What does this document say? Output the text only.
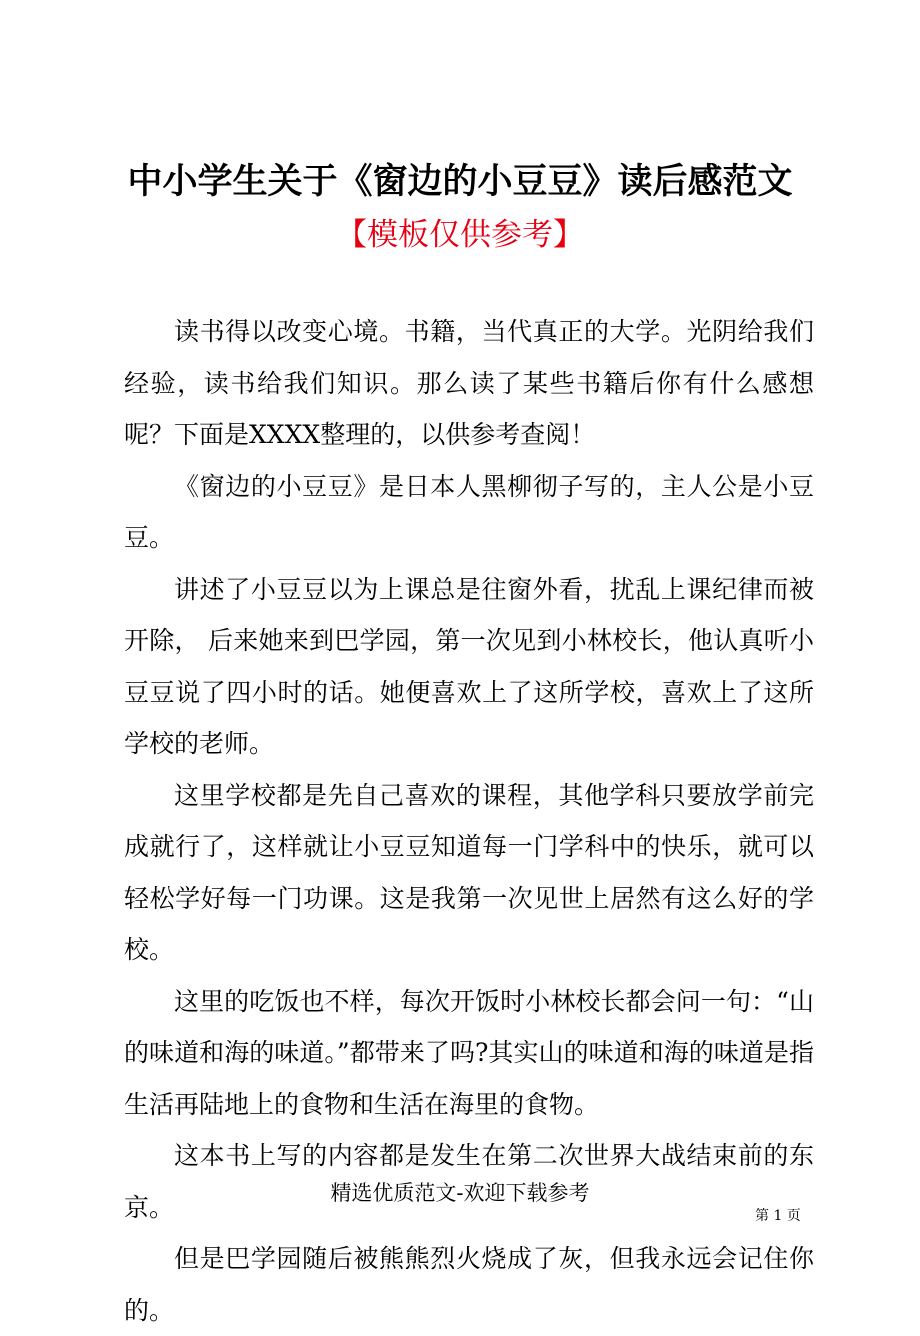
中小学生关于《窗边的小豆豆》读后感范文
【模板仅供参考】

读书得以改变心境。书籍，当代真正的大学。光阴给我们经验，读书给我们知识。那么读了某些书籍后你有什么感想呢？下面是XXXX整理的，以供参考查阅！

《窗边的小豆豆》是日本人黑柳彻子写的，主人公是小豆豆。

讲述了小豆豆以为上课总是往窗外看，扰乱上课纪律而被开除， 后来她来到巴学园，第一次见到小林校长，他认真听小豆豆说了四小时的话。她便喜欢上了这所学校，喜欢上了这所学校的老师。

这里学校都是先自己喜欢的课程，其他学科只要放学前完成就行了，这样就让小豆豆知道每一门学科中的快乐，就可以轻松学好每一门功课。这是我第一次见世上居然有这么好的学校。

这里的吃饭也不样，每次开饭时小林校长都会问一句：“山的味道和海的味道。”都带来了吗?其实山的味道和海的味道是指生活再陆地上的食物和生活在海里的食物。

这本书上写的内容都是发生在第二次世界大战结束前的东京。

但是巴学园随后被熊熊烈火烧成了灰，但我永远会记住你的。

精选优质范文-欢迎下载参考
第 1 页
